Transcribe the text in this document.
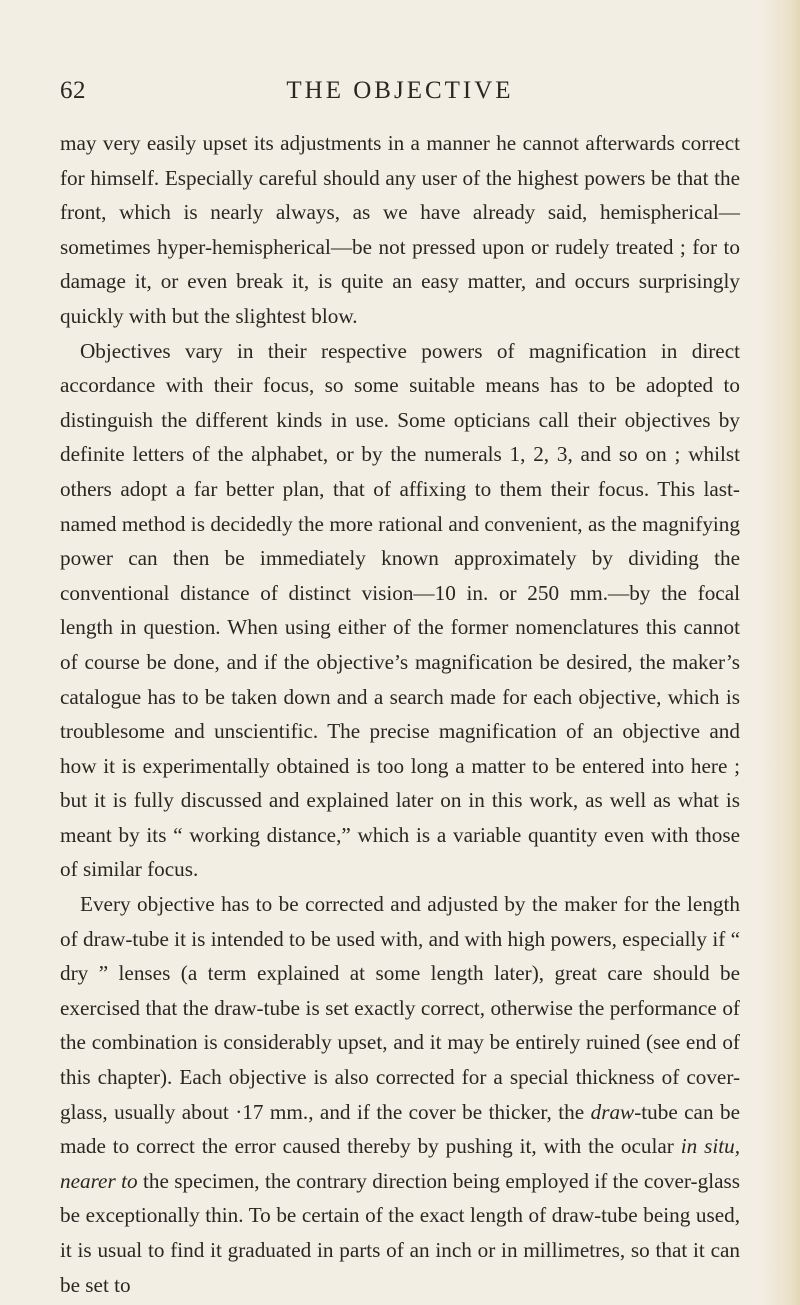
62	THE OBJECTIVE

may very easily upset its adjustments in a manner he cannot afterwards correct for himself. Especially careful should any user of the highest powers be that the front, which is nearly always, as we have already said, hemispherical—sometimes hyper-hemispherical—be not pressed upon or rudely treated ; for to damage it, or even break it, is quite an easy matter, and occurs surprisingly quickly with but the slightest blow.

Objectives vary in their respective powers of magnification in direct accordance with their focus, so some suitable means has to be adopted to distinguish the different kinds in use. Some opticians call their objectives by definite letters of the alphabet, or by the numerals 1, 2, 3, and so on ; whilst others adopt a far better plan, that of affixing to them their focus. This last-named method is decidedly the more rational and convenient, as the magnifying power can then be immediately known approximately by dividing the conventional distance of distinct vision—10 in. or 250 mm.—by the focal length in question. When using either of the former nomenclatures this cannot of course be done, and if the objective’s magnification be desired, the maker’s catalogue has to be taken down and a search made for each objective, which is troublesome and unscientific. The precise magnification of an objective and how it is experimentally obtained is too long a matter to be entered into here ; but it is fully discussed and explained later on in this work, as well as what is meant by its “ working distance,” which is a variable quantity even with those of similar focus.

Every objective has to be corrected and adjusted by the maker for the length of draw-tube it is intended to be used with, and with high powers, especially if “ dry ” lenses (a term explained at some length later), great care should be exercised that the draw-tube is set exactly correct, otherwise the performance of the combination is considerably upset, and it may be entirely ruined (see end of this chapter). Each objective is also corrected for a special thickness of cover-glass, usually about ·17 mm., and if the cover be thicker, the draw-tube can be made to correct the error caused thereby by pushing it, with the ocular in situ, nearer to the specimen, the contrary direction being employed if the cover-glass be exceptionally thin. To be certain of the exact length of draw-tube being used, it is usual to find it graduated in parts of an inch or in millimetres, so that it can be set to
